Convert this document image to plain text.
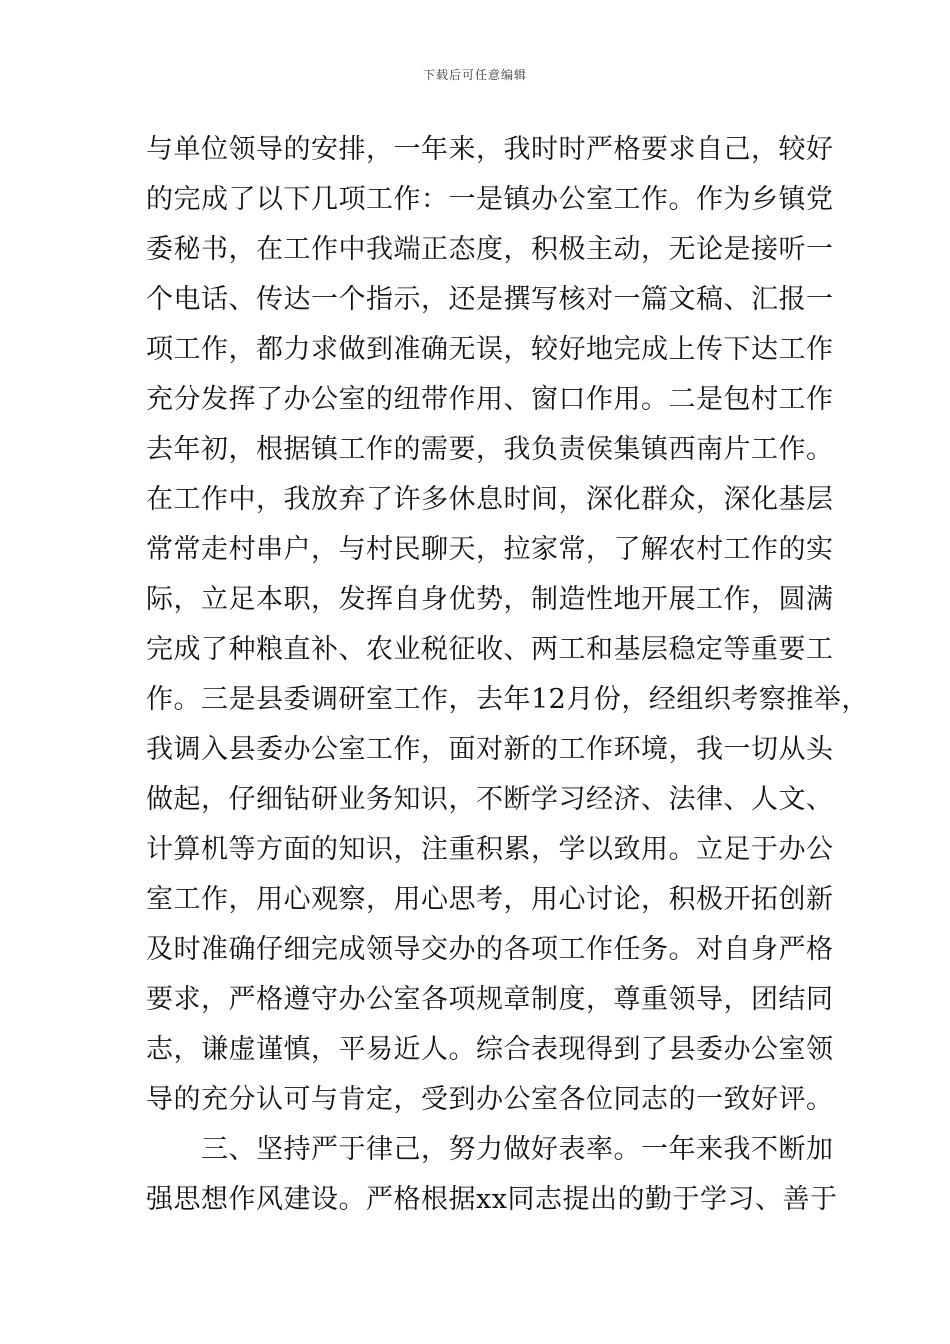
下载后可任意编辑
与单位领导的安排，一年来，我时时严格要求自己，较好
的完成了以下几项工作：一是镇办公室工作。作为乡镇党
委秘书，在工作中我端正态度，积极主动，无论是接听一
个电话、传达一个指示，还是撰写核对一篇文稿、汇报一
项工作，都力求做到准确无误，较好地完成上传下达工作
充分发挥了办公室的纽带作用、窗口作用。二是包村工作
去年初，根据镇工作的需要，我负责侯集镇西南片工作。
在工作中，我放弃了许多休息时间，深化群众，深化基层
常常走村串户，与村民聊天，拉家常，了解农村工作的实
际，立足本职，发挥自身优势，制造性地开展工作，圆满
完成了种粮直补、农业税征收、两工和基层稳定等重要工
作。三是县委调研室工作，去年12月份，经组织考察推举，
我调入县委办公室工作，面对新的工作环境，我一切从头
做起，仔细钻研业务知识，不断学习经济、法律、人文、
计算机等方面的知识，注重积累，学以致用。立足于办公
室工作，用心观察，用心思考，用心讨论，积极开拓创新
及时准确仔细完成领导交办的各项工作任务。对自身严格
要求，严格遵守办公室各项规章制度，尊重领导，团结同
志，谦虚谨慎，平易近人。综合表现得到了县委办公室领
导的充分认可与肯定，受到办公室各位同志的一致好评。
　　三、坚持严于律己，努力做好表率。一年来我不断加
强思想作风建设。严格根据xx同志提出的勤于学习、善于
